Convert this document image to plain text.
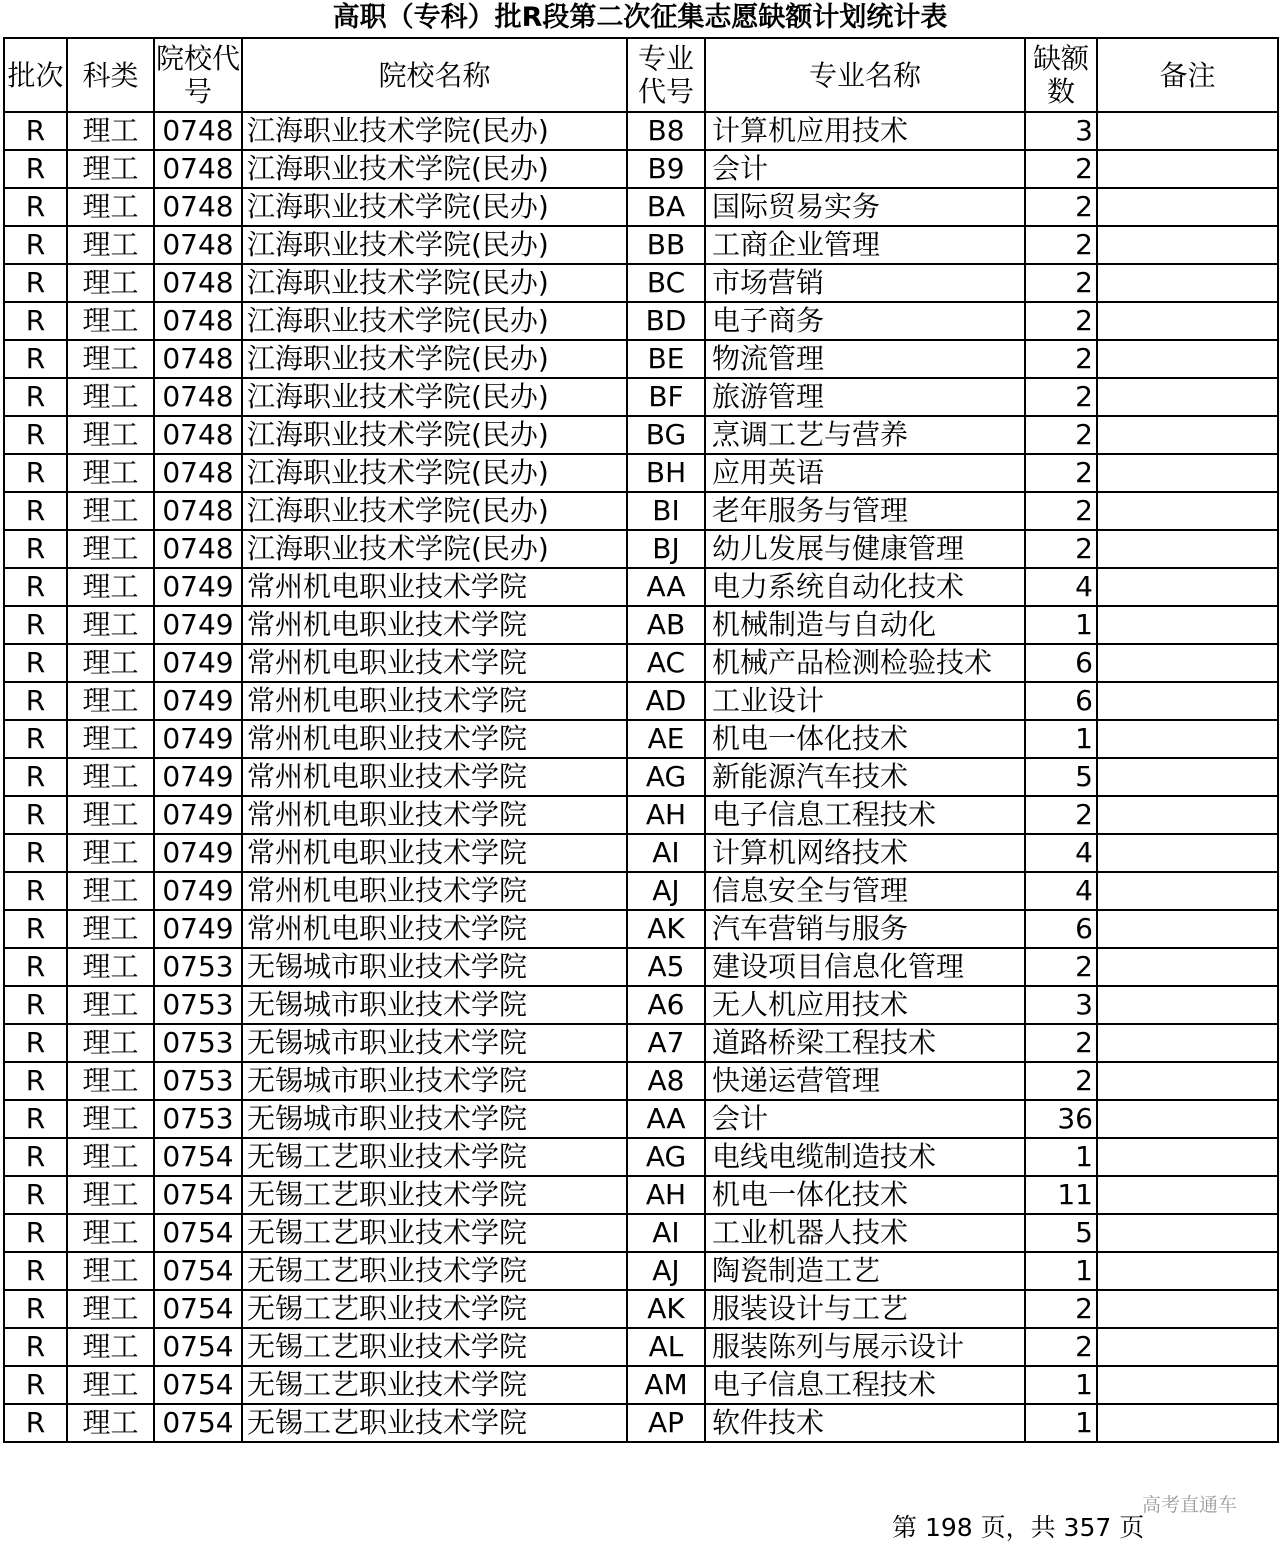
高职（专科）批R段第二次征集志愿缺额计划统计表
批次	科类	院校代号	院校名称	专业代号	专业名称	缺额数	备注
R	理工	0748	江海职业技术学院(民办)	B8	计算机应用技术	3	
R	理工	0748	江海职业技术学院(民办)	B9	会计	2	
R	理工	0748	江海职业技术学院(民办)	BA	国际贸易实务	2	
R	理工	0748	江海职业技术学院(民办)	BB	工商企业管理	2	
R	理工	0748	江海职业技术学院(民办)	BC	市场营销	2	
R	理工	0748	江海职业技术学院(民办)	BD	电子商务	2	
R	理工	0748	江海职业技术学院(民办)	BE	物流管理	2	
R	理工	0748	江海职业技术学院(民办)	BF	旅游管理	2	
R	理工	0748	江海职业技术学院(民办)	BG	烹调工艺与营养	2	
R	理工	0748	江海职业技术学院(民办)	BH	应用英语	2	
R	理工	0748	江海职业技术学院(民办)	BI	老年服务与管理	2	
R	理工	0748	江海职业技术学院(民办)	BJ	幼儿发展与健康管理	2	
R	理工	0749	常州机电职业技术学院	AA	电力系统自动化技术	4	
R	理工	0749	常州机电职业技术学院	AB	机械制造与自动化	1	
R	理工	0749	常州机电职业技术学院	AC	机械产品检测检验技术	6	
R	理工	0749	常州机电职业技术学院	AD	工业设计	6	
R	理工	0749	常州机电职业技术学院	AE	机电一体化技术	1	
R	理工	0749	常州机电职业技术学院	AG	新能源汽车技术	5	
R	理工	0749	常州机电职业技术学院	AH	电子信息工程技术	2	
R	理工	0749	常州机电职业技术学院	AI	计算机网络技术	4	
R	理工	0749	常州机电职业技术学院	AJ	信息安全与管理	4	
R	理工	0749	常州机电职业技术学院	AK	汽车营销与服务	6	
R	理工	0753	无锡城市职业技术学院	A5	建设项目信息化管理	2	
R	理工	0753	无锡城市职业技术学院	A6	无人机应用技术	3	
R	理工	0753	无锡城市职业技术学院	A7	道路桥梁工程技术	2	
R	理工	0753	无锡城市职业技术学院	A8	快递运营管理	2	
R	理工	0753	无锡城市职业技术学院	AA	会计	36	
R	理工	0754	无锡工艺职业技术学院	AG	电线电缆制造技术	1	
R	理工	0754	无锡工艺职业技术学院	AH	机电一体化技术	11	
R	理工	0754	无锡工艺职业技术学院	AI	工业机器人技术	5	
R	理工	0754	无锡工艺职业技术学院	AJ	陶瓷制造工艺	1	
R	理工	0754	无锡工艺职业技术学院	AK	服装设计与工艺	2	
R	理工	0754	无锡工艺职业技术学院	AL	服装陈列与展示设计	2	
R	理工	0754	无锡工艺职业技术学院	AM	电子信息工程技术	1	
R	理工	0754	无锡工艺职业技术学院	AP	软件技术	1	
高考直通车
第 198 页，共 357 页
